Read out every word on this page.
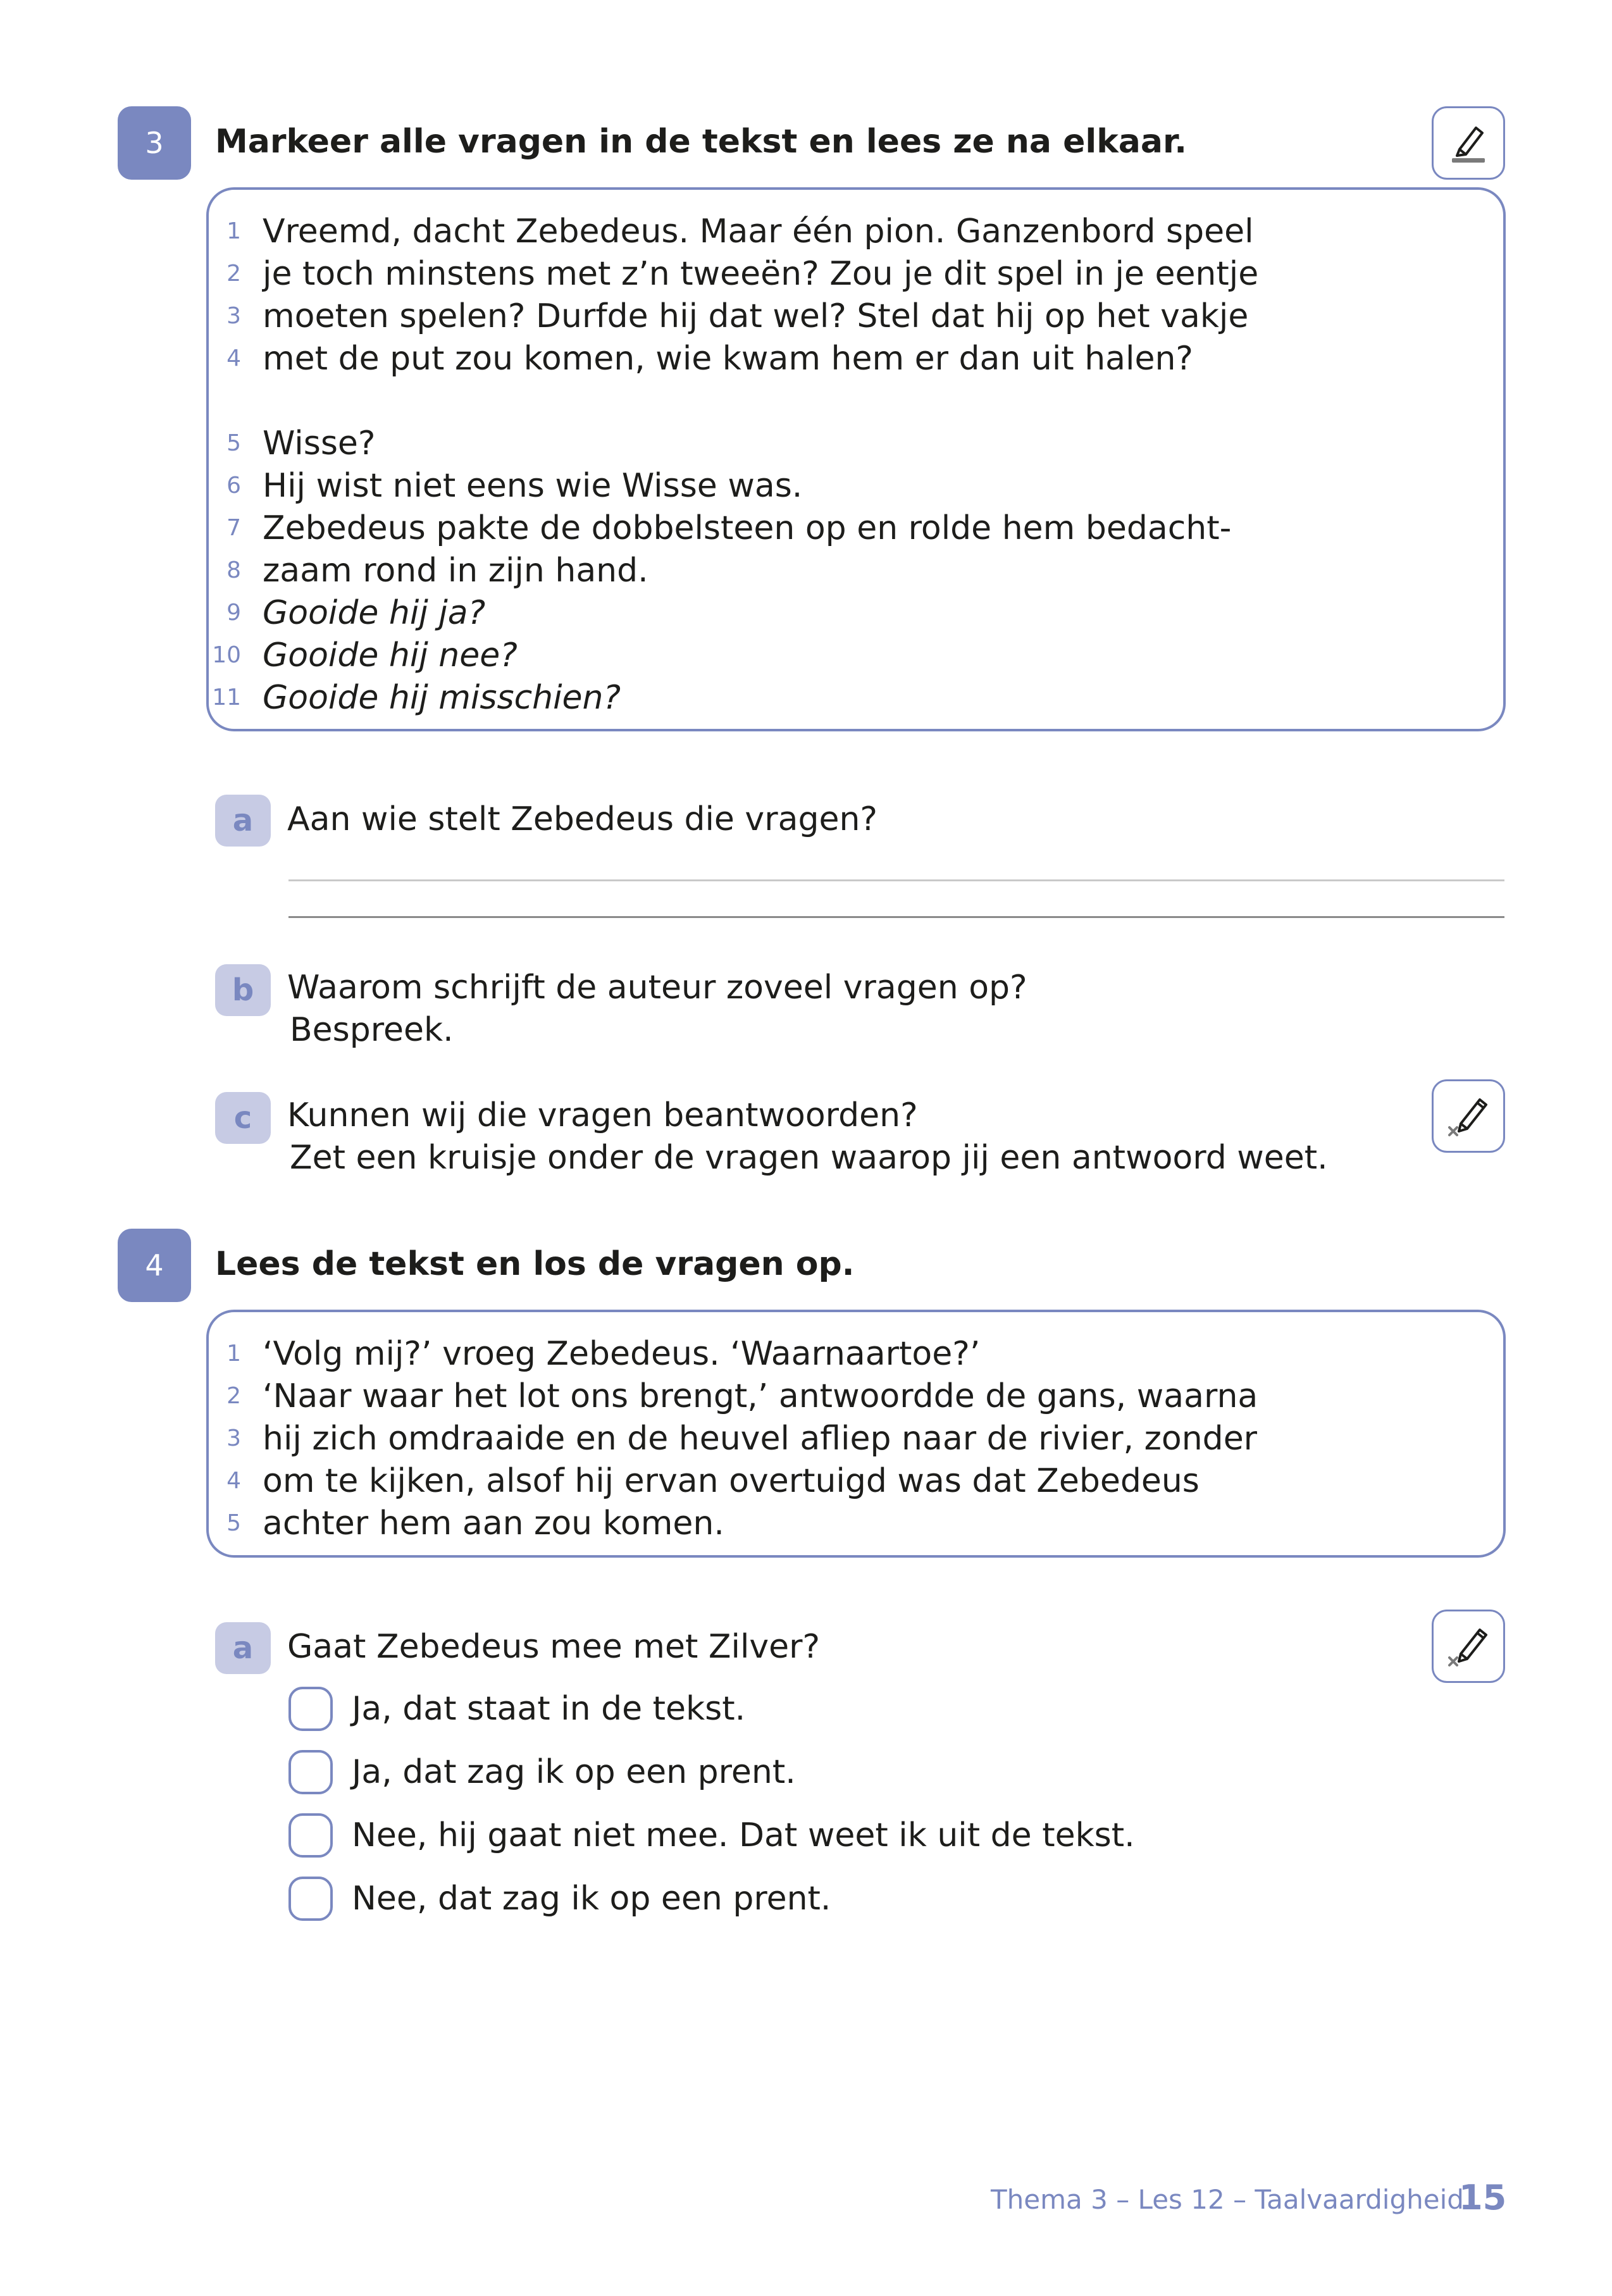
3	Markeer alle vragen in de tekst en lees ze na elkaar.
1 Vreemd, dacht Zebedeus. Maar één pion. Ganzenbord speel
2 je toch minstens met z’n tweeën? Zou je dit spel in je eentje
3 moeten spelen? Durfde hij dat wel? Stel dat hij op het vakje
4 met de put zou komen, wie kwam hem er dan uit halen?
5 Wisse?
6 Hij wist niet eens wie Wisse was.
7 Zebedeus pakte de dobbelsteen op en rolde hem bedacht-
8 zaam rond in zijn hand.
9 Gooide hij ja?
10 Gooide hij nee?
11 Gooide hij misschien?
a	Aan wie stelt Zebedeus die vragen?
b	Waarom schrijft de auteur zoveel vragen op?
Bespreek.
c	Kunnen wij die vragen beantwoorden?
Zet een kruisje onder de vragen waarop jij een antwoord weet.
4	Lees de tekst en los de vragen op.
1 ‘Volg mij?’ vroeg Zebedeus. ‘Waarnaartoe?’
2 ‘Naar waar het lot ons brengt,’ antwoordde de gans, waarna
3 hij zich omdraaide en de heuvel afliep naar de rivier, zonder
4 om te kijken, alsof hij ervan overtuigd was dat Zebedeus
5 achter hem aan zou komen.
a	Gaat Zebedeus mee met Zilver?
Ja, dat staat in de tekst.
Ja, dat zag ik op een prent.
Nee, hij gaat niet mee. Dat weet ik uit de tekst.
Nee, dat zag ik op een prent.
Thema 3 – Les 12 – Taalvaardigheid
15
